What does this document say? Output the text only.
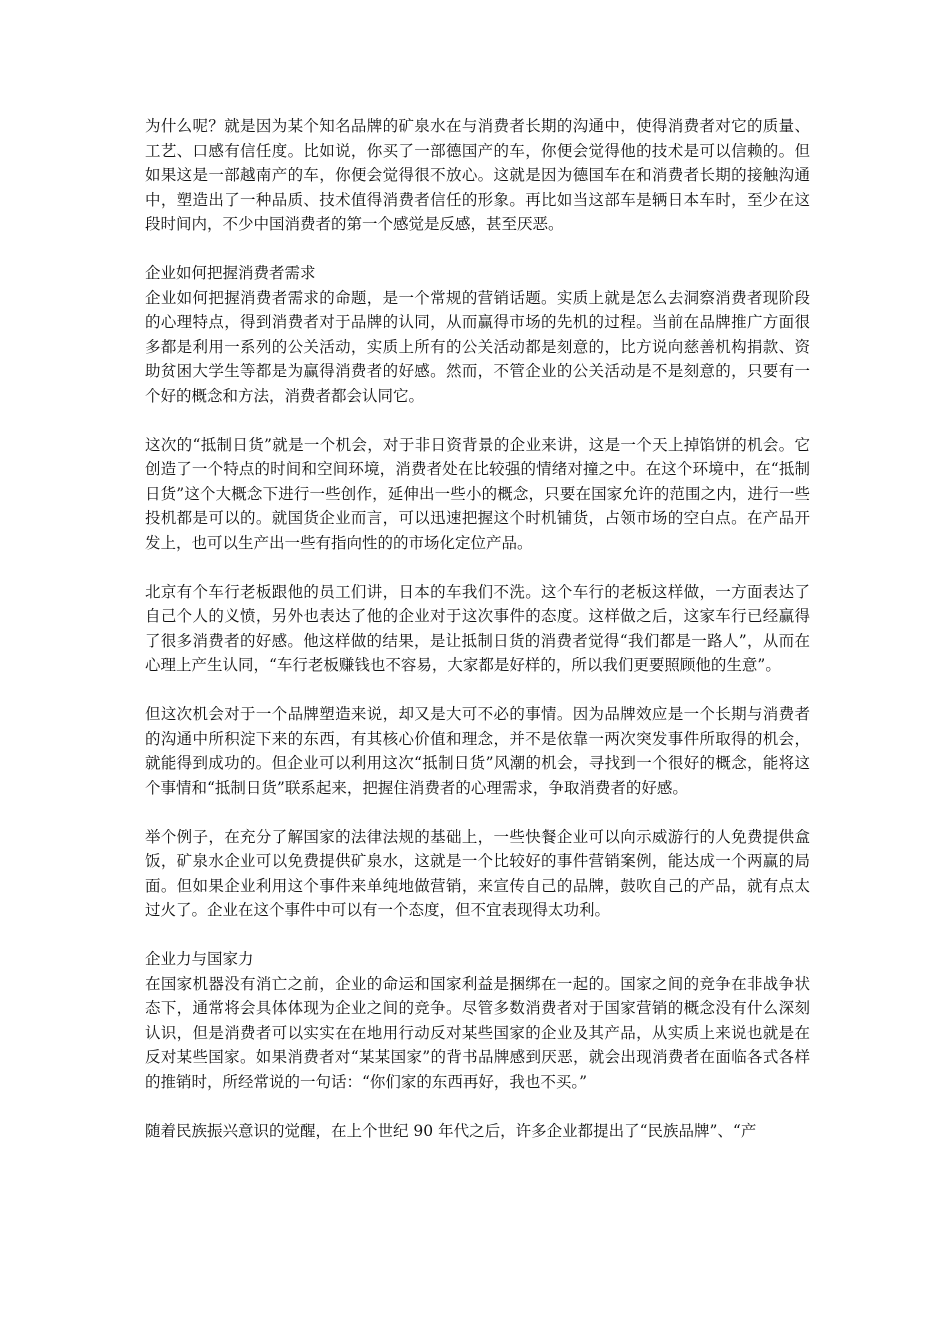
为什么呢？就是因为某个知名品牌的矿泉水在与消费者长期的沟通中，使得消费者对它的质量、工艺、口感有信任度。比如说，你买了一部德国产的车，你便会觉得他的技术是可以信赖的。但如果这是一部越南产的车，你便会觉得很不放心。这就是因为德国车在和消费者长期的接触沟通中，塑造出了一种品质、技术值得消费者信任的形象。再比如当这部车是辆日本车时，至少在这段时间内，不少中国消费者的第一个感觉是反感，甚至厌恶。

企业如何把握消费者需求

企业如何把握消费者需求的命题，是一个常规的营销话题。实质上就是怎么去洞察消费者现阶段的心理特点，得到消费者对于品牌的认同，从而赢得市场的先机的过程。当前在品牌推广方面很多都是利用一系列的公关活动，实质上所有的公关活动都是刻意的，比方说向慈善机构捐款、资助贫困大学生等都是为赢得消费者的好感。然而，不管企业的公关活动是不是刻意的，只要有一个好的概念和方法，消费者都会认同它。

这次的“抵制日货”就是一个机会，对于非日资背景的企业来讲，这是一个天上掉馅饼的机会。它创造了一个特点的时间和空间环境，消费者处在比较强的情绪对撞之中。在这个环境中，在“抵制日货”这个大概念下进行一些创作，延伸出一些小的概念，只要在国家允许的范围之内，进行一些投机都是可以的。就国货企业而言，可以迅速把握这个时机铺货，占领市场的空白点。在产品开发上，也可以生产出一些有指向性的的市场化定位产品。

北京有个车行老板跟他的员工们讲，日本的车我们不洗。这个车行的老板这样做，一方面表达了自己个人的义愤，另外也表达了他的企业对于这次事件的态度。这样做之后，这家车行已经赢得了很多消费者的好感。他这样做的结果，是让抵制日货的消费者觉得“我们都是一路人”，从而在心理上产生认同，“车行老板赚钱也不容易，大家都是好样的，所以我们更要照顾他的生意”。

但这次机会对于一个品牌塑造来说，却又是大可不必的事情。因为品牌效应是一个长期与消费者的沟通中所积淀下来的东西，有其核心价值和理念，并不是依靠一两次突发事件所取得的机会，就能得到成功的。但企业可以利用这次“抵制日货”风潮的机会，寻找到一个很好的概念，能将这个事情和“抵制日货”联系起来，把握住消费者的心理需求，争取消费者的好感。

举个例子，在充分了解国家的法律法规的基础上，一些快餐企业可以向示威游行的人免费提供盒饭，矿泉水企业可以免费提供矿泉水，这就是一个比较好的事件营销案例，能达成一个两赢的局面。但如果企业利用这个事件来单纯地做营销，来宣传自己的品牌，鼓吹自己的产品，就有点太过火了。企业在这个事件中可以有一个态度，但不宜表现得太功利。

企业力与国家力

在国家机器没有消亡之前，企业的命运和国家利益是捆绑在一起的。国家之间的竞争在非战争状态下，通常将会具体体现为企业之间的竞争。尽管多数消费者对于国家营销的概念没有什么深刻认识，但是消费者可以实实在在地用行动反对某些国家的企业及其产品，从实质上来说也就是在反对某些国家。如果消费者对“某某国家”的背书品牌感到厌恶，就会出现消费者在面临各式各样的推销时，所经常说的一句话：“你们家的东西再好，我也不买。”

随着民族振兴意识的觉醒，在上个世纪 90 年代之后，许多企业都提出了“民族品牌”、“产
